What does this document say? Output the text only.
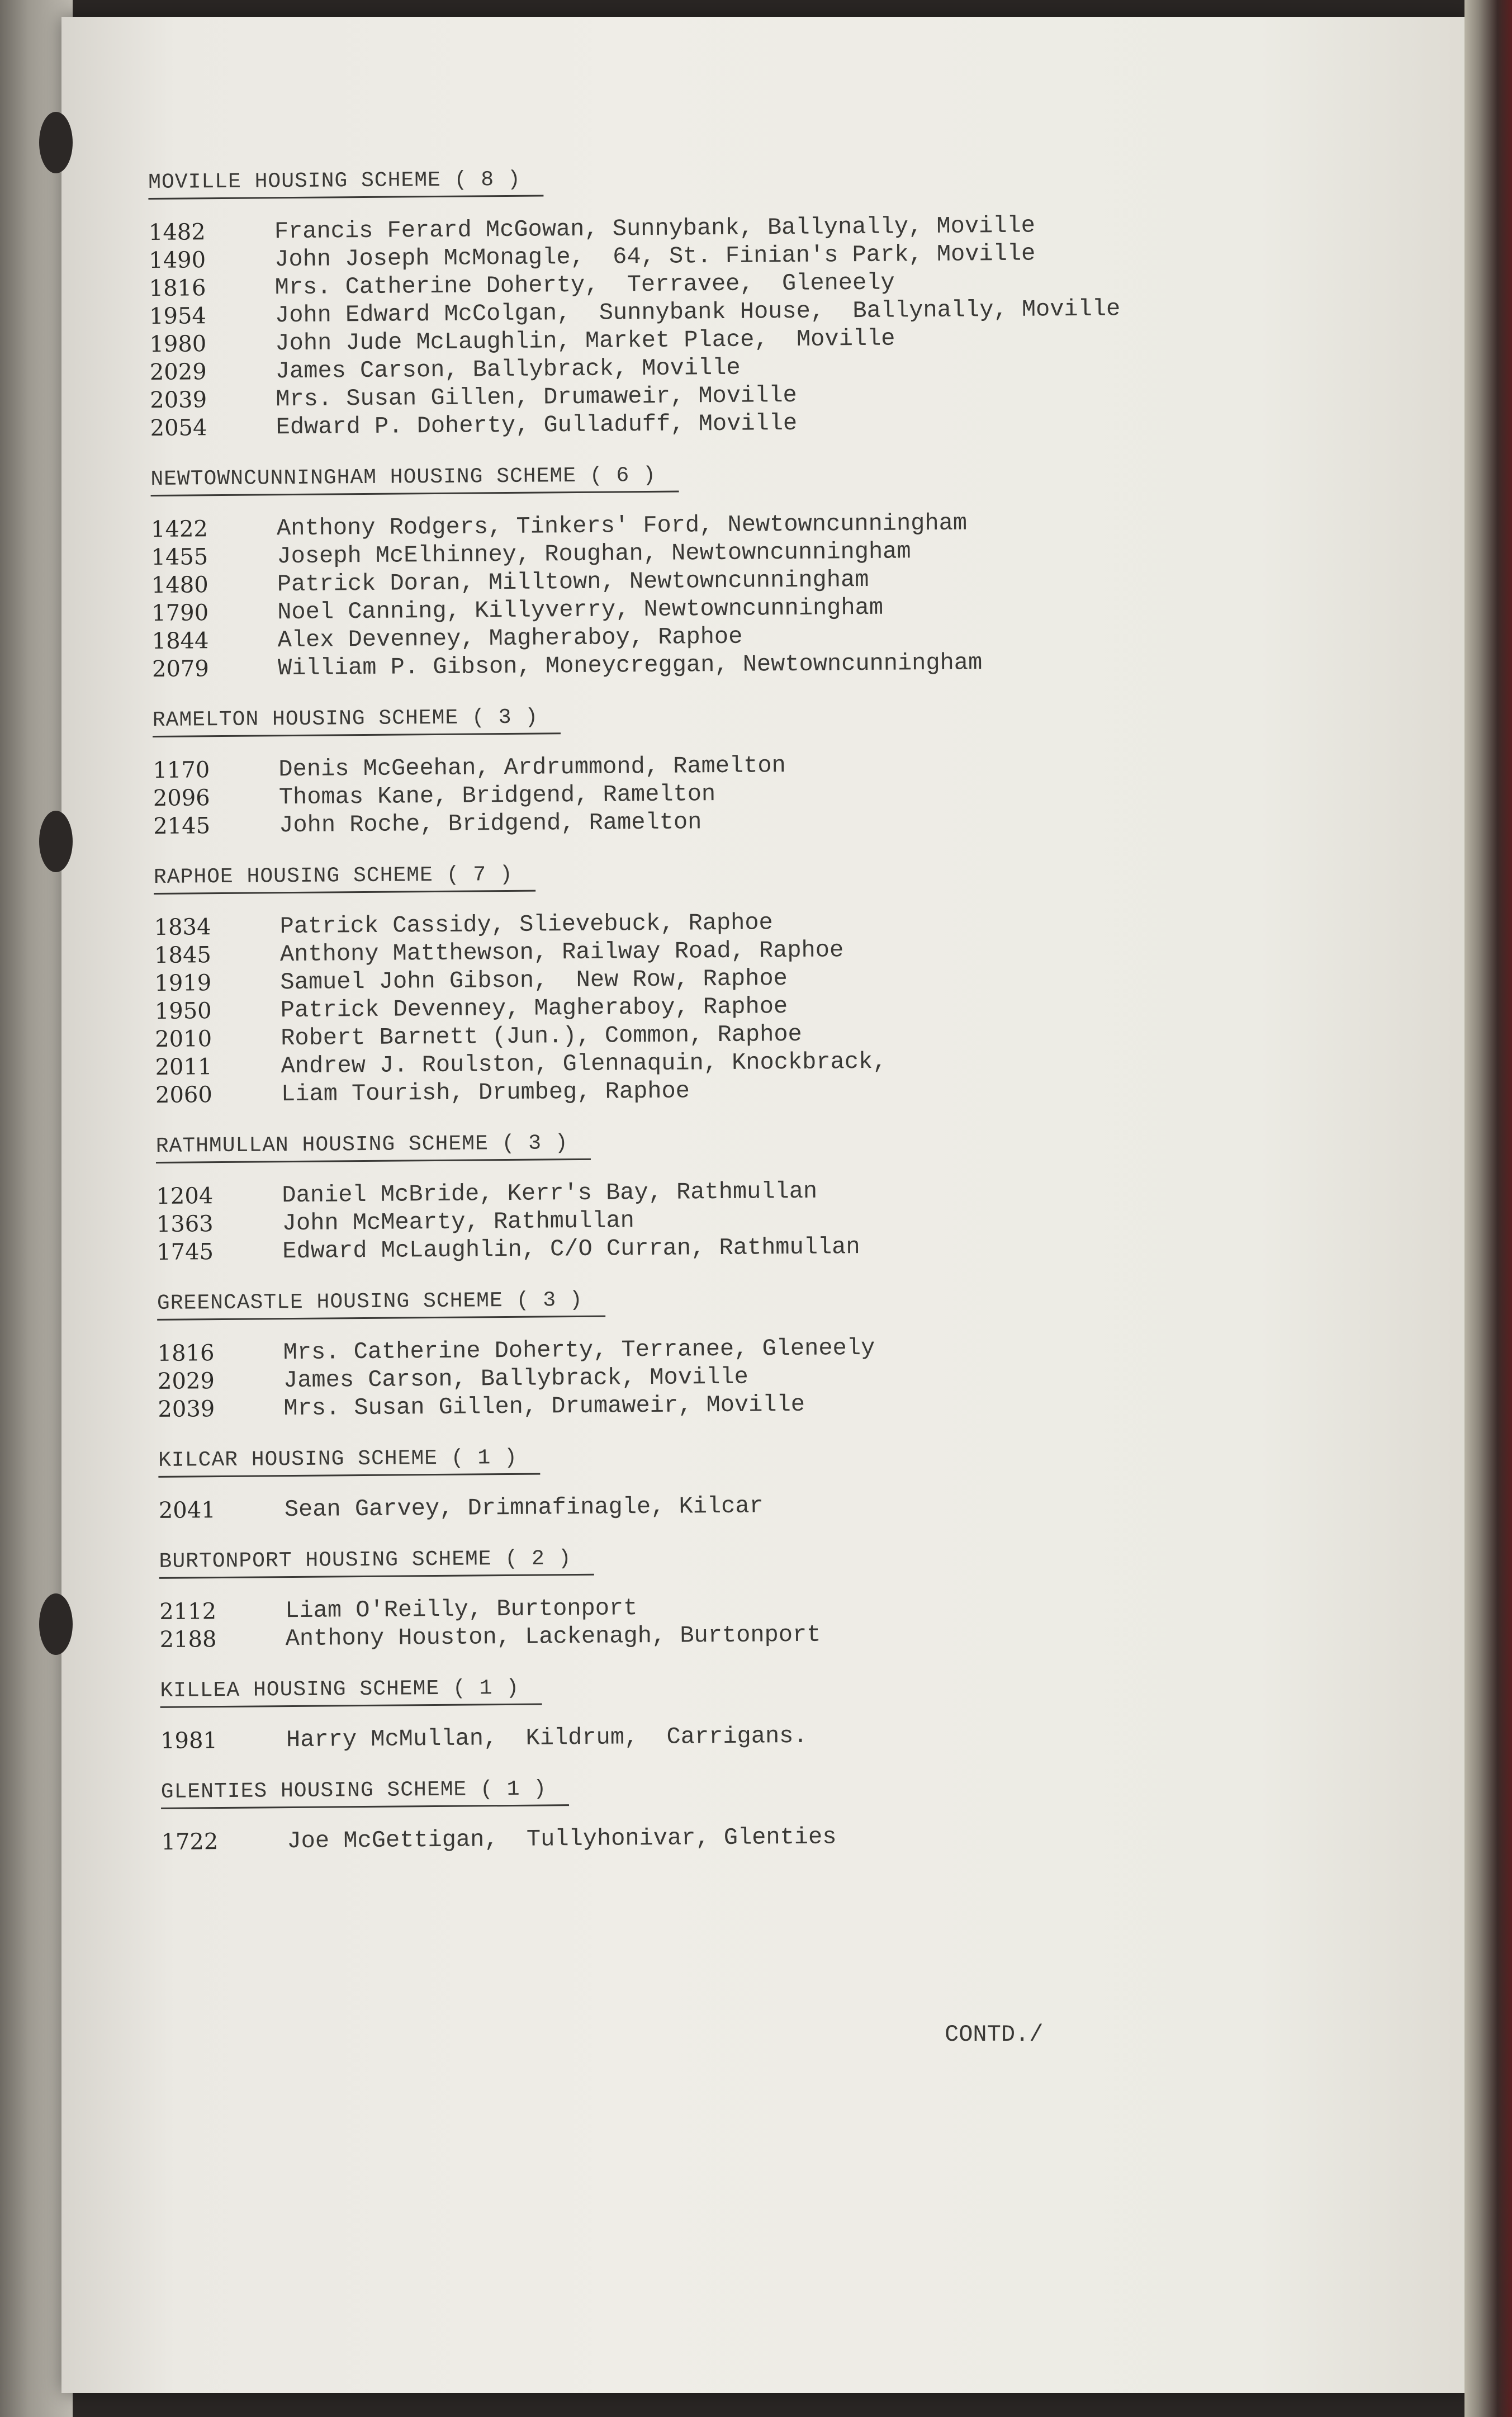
MOVILLE HOUSING SCHEME ( 8 )
1482	Francis Ferard McGowan, Sunnybank, Ballynally, Moville
1490	John Joseph McMonagle,  64, St. Finian's Park, Moville
1816	Mrs. Catherine Doherty,  Terravee,  Gleneely
1954	John Edward McColgan,  Sunnybank House,  Ballynally, Moville
1980	John Jude McLaughlin, Market Place,  Moville
2029	James Carson, Ballybrack, Moville
2039	Mrs. Susan Gillen, Drumaweir, Moville
2054	Edward P. Doherty, Gulladuff, Moville
NEWTOWNCUNNINGHAM HOUSING SCHEME ( 6 )
1422	Anthony Rodgers, Tinkers' Ford, Newtowncunningham
1455	Joseph McElhinney, Roughan, Newtowncunningham
1480	Patrick Doran, Milltown, Newtowncunningham
1790	Noel Canning, Killyverry, Newtowncunningham
1844	Alex Devenney, Magheraboy, Raphoe
2079	William P. Gibson, Moneycreggan, Newtowncunningham
RAMELTON HOUSING SCHEME ( 3 )
1170	Denis McGeehan, Ardrummond, Ramelton
2096	Thomas Kane, Bridgend, Ramelton
2145	John Roche, Bridgend, Ramelton
RAPHOE HOUSING SCHEME ( 7 )
1834	Patrick Cassidy, Slievebuck, Raphoe
1845	Anthony Matthewson, Railway Road, Raphoe
1919	Samuel John Gibson,  New Row, Raphoe
1950	Patrick Devenney, Magheraboy, Raphoe
2010	Robert Barnett (Jun.), Common, Raphoe
2011	Andrew J. Roulston, Glennaquin, Knockbrack,
2060	Liam Tourish, Drumbeg, Raphoe
RATHMULLAN HOUSING SCHEME ( 3 )
1204	Daniel McBride, Kerr's Bay, Rathmullan
1363	John McMearty, Rathmullan
1745	Edward McLaughlin, C/O Curran, Rathmullan
GREENCASTLE HOUSING SCHEME ( 3 )
1816	Mrs. Catherine Doherty, Terranee, Gleneely
2029	James Carson, Ballybrack, Moville
2039	Mrs. Susan Gillen, Drumaweir, Moville
KILCAR HOUSING SCHEME ( 1 )
2041	Sean Garvey, Drimnafinagle, Kilcar
BURTONPORT HOUSING SCHEME ( 2 )
2112	Liam O'Reilly, Burtonport
2188	Anthony Houston, Lackenagh, Burtonport
KILLEA HOUSING SCHEME ( 1 )
1981	Harry McMullan,  Kildrum,  Carrigans.
GLENTIES HOUSING SCHEME ( 1 )
1722	Joe McGettigan,  Tullyhonivar, Glenties
CONTD./
